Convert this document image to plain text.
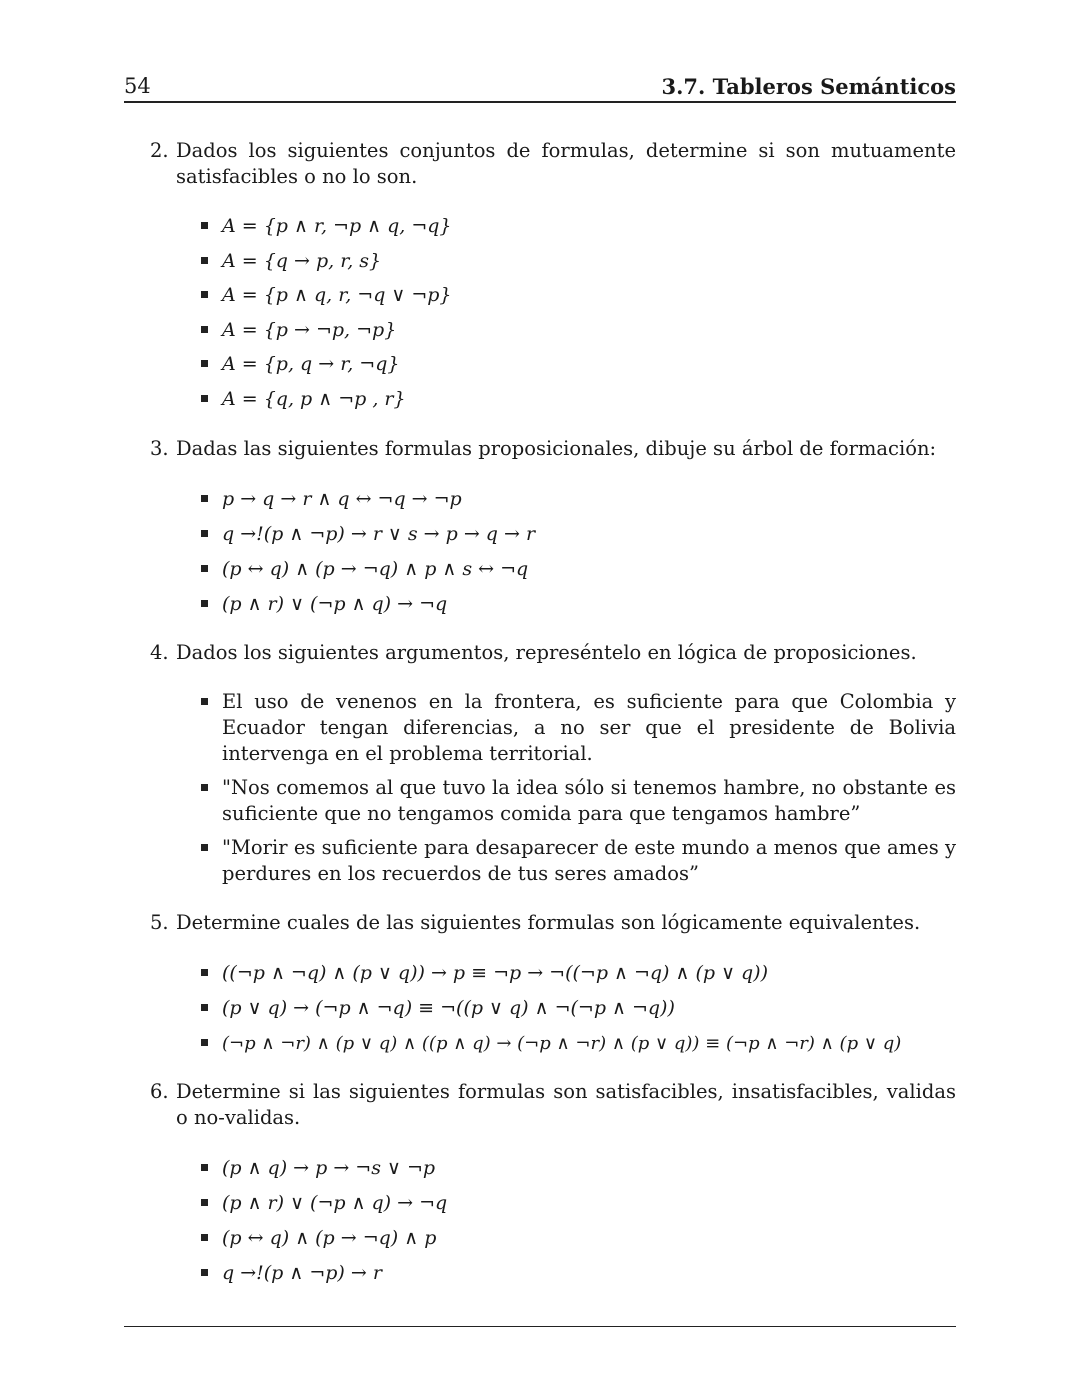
54	3.7. Tableros Semánticos
2. Dados los siguientes conjuntos de formulas, determine si son mutuamente satisfacibles o no lo son.
A = {p ∧ r, ¬p ∧ q, ¬q}
A = {q → p, r, s}
A = {p ∧ q, r, ¬q ∨ ¬p}
A = {p → ¬p, ¬p}
A = {p, q → r, ¬q}
A = {q, p ∧ ¬p , r}
3. Dadas las siguientes formulas proposicionales, dibuje su árbol de formación:
p → q → r ∧ q ↔ ¬q → ¬p
q →!(p ∧ ¬p) → r ∨ s → p → q → r
(p ↔ q) ∧ (p → ¬q) ∧ p ∧ s ↔ ¬q
(p ∧ r) ∨ (¬p ∧ q) → ¬q
4. Dados los siguientes argumentos, represéntelo en lógica de proposiciones.
El uso de venenos en la frontera, es suficiente para que Colombia y Ecuador tengan diferencias, a no ser que el presidente de Bolivia intervenga en el problema territorial.
"Nos comemos al que tuvo la idea sólo si tenemos hambre, no obstante es suficiente que no tengamos comida para que tengamos hambre”
"Morir es suficiente para desaparecer de este mundo a menos que ames y perdures en los recuerdos de tus seres amados”
5. Determine cuales de las siguientes formulas son lógicamente equivalentes.
((¬p ∧ ¬q) ∧ (p ∨ q)) → p ≡ ¬p → ¬((¬p ∧ ¬q) ∧ (p ∨ q))
(p ∨ q) → (¬p ∧ ¬q) ≡ ¬((p ∨ q) ∧ ¬(¬p ∧ ¬q))
(¬p ∧ ¬r) ∧ (p ∨ q) ∧ ((p ∧ q) → (¬p ∧ ¬r) ∧ (p ∨ q)) ≡ (¬p ∧ ¬r) ∧ (p ∨ q)
6. Determine si las siguientes formulas son satisfacibles, insatisfacibles, validas o no-validas.
(p ∧ q) → p → ¬s ∨ ¬p
(p ∧ r) ∨ (¬p ∧ q) → ¬q
(p ↔ q) ∧ (p → ¬q) ∧ p
q →!(p ∧ ¬p) → r
